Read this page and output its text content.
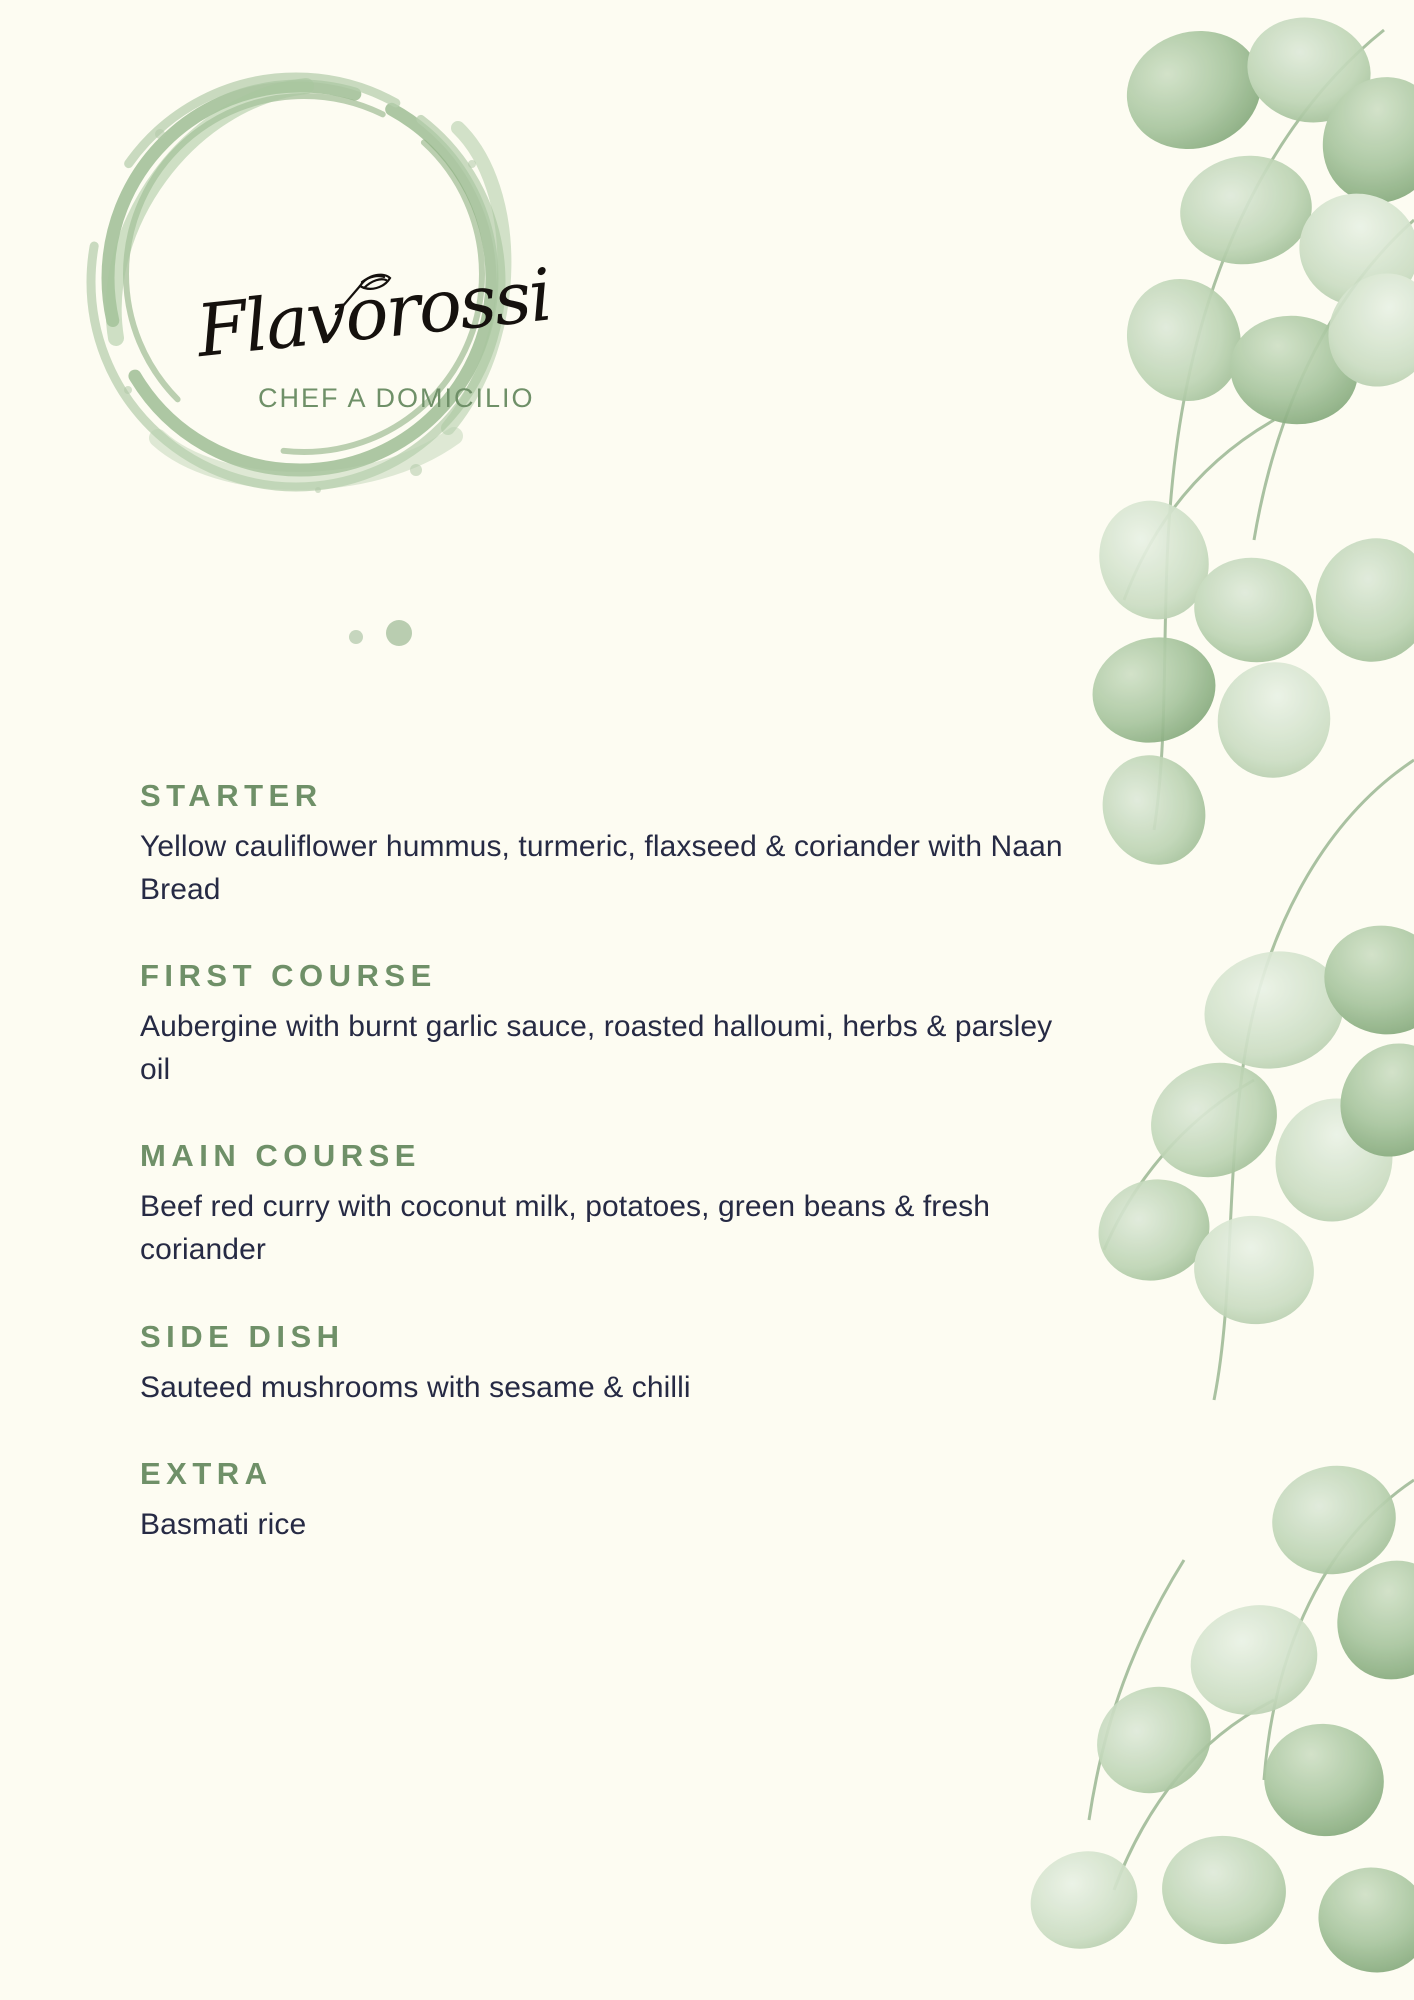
Flavorossi
CHEF A DOMICILIO
STARTER

Yellow cauliflower hummus, turmeric, flaxseed & coriander with Naan Bread

FIRST COURSE

Aubergine with burnt garlic sauce, roasted halloumi, herbs & parsley oil

MAIN COURSE

Beef red curry with coconut milk, potatoes, green beans & fresh coriander

SIDE DISH

Sauteed mushrooms with sesame & chilli

EXTRA

Basmati rice
